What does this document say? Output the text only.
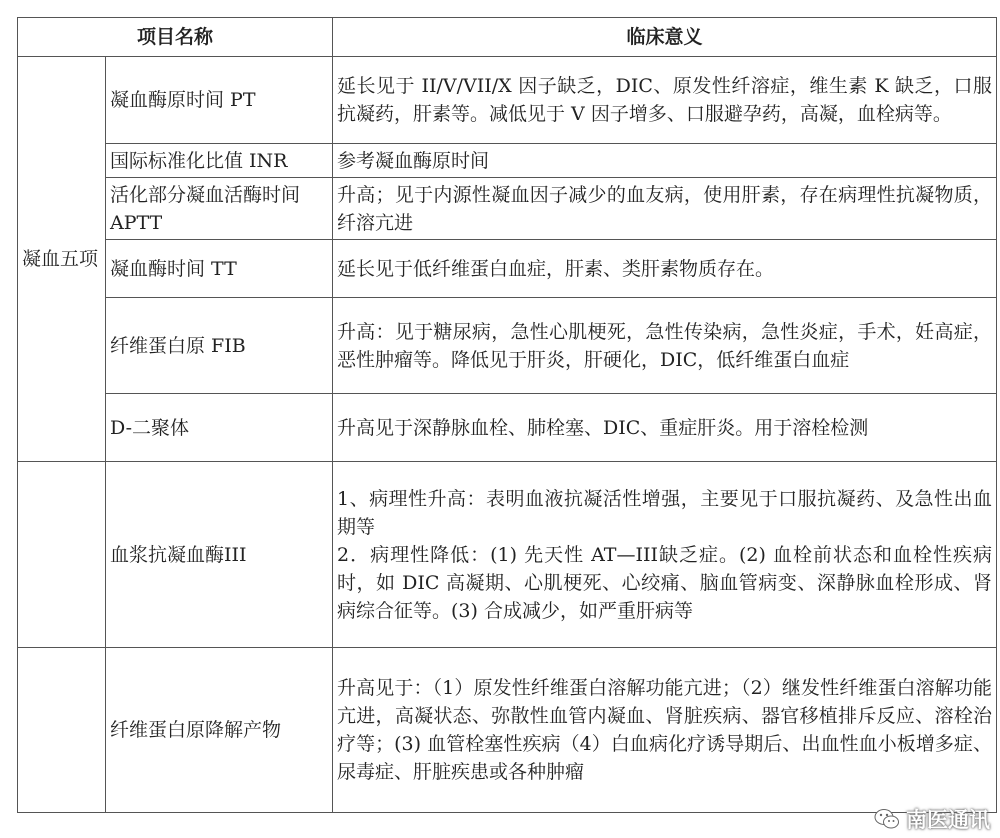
项目名称		临床意义
凝血五项	凝血酶原时间 PT	延长见于 II/V/VII/X 因子缺乏，DIC、原发性纤溶症，维生素 K 缺乏，口服抗凝药，肝素等。减低见于 V 因子增多、口服避孕药，高凝，血栓病等。
	国际标准化比值 INR	参考凝血酶原时间
	活化部分凝血活酶时间 APTT	升高；见于内源性凝血因子减少的血友病，使用肝素，存在病理性抗凝物质，纤溶亢进
	凝血酶时间 TT	延长见于低纤维蛋白血症，肝素、类肝素物质存在。
	纤维蛋白原 FIB	升高：见于糖尿病，急性心肌梗死，急性传染病，急性炎症，手术，妊高症，恶性肿瘤等。降低见于肝炎，肝硬化，DIC，低纤维蛋白血症
	D-二聚体	升高见于深静脉血栓、肺栓塞、DIC、重症肝炎。用于溶栓检测
	血浆抗凝血酶III	1、病理性升高：表明血液抗凝活性增强，主要见于口服抗凝药、及急性出血期等
2．病理性降低：(1) 先天性 AT—III缺乏症。(2) 血栓前状态和血栓性疾病时，如 DIC 高凝期、心肌梗死、心绞痛、脑血管病变、深静脉血栓形成、肾病综合征等。(3) 合成减少，如严重肝病等

	纤维蛋白原降解产物	升高见于：（1）原发性纤维蛋白溶解功能亢进；（2）继发性纤维蛋白溶解功能亢进，高凝状态、弥散性血管内凝血、肾脏疾病、器官移植排斥反应、溶栓治疗等；(3) 血管栓塞性疾病（4）白血病化疗诱导期后、出血性血小板增多症、尿毒症、肝脏疾患或各种肿瘤
南医通讯
